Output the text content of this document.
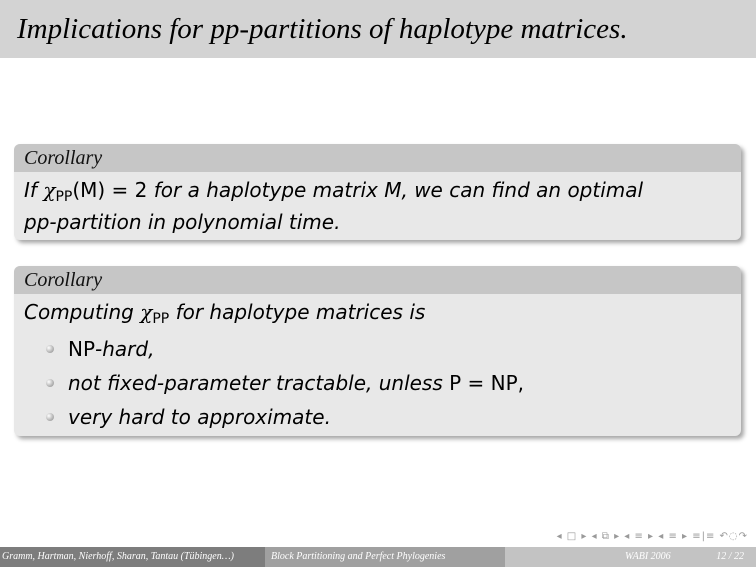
Implications for pp-partitions of haplotype matrices.
Corollary
If $\chi_{PP}(M) = 2$ for a haplotype matrix M, we can find an optimal
pp-partition in polynomial time.
Corollary
Computing $\chi_{PP}$ for haplotype matrices is
NP-hard,
not fixed-parameter tractable, unless P = NP,
very hard to approximate.
◂ □ ▸ ◂ ⧉ ▸ ◂ ≡ ▸ ◂ ≡ ▸ ≡|≡ ↶◌↷
Gramm, Hartman, Nierhoff, Sharan, Tantau (Tübingen…)	Block Partitioning and Perfect Phylogenies	WABI 2006	12 / 22
